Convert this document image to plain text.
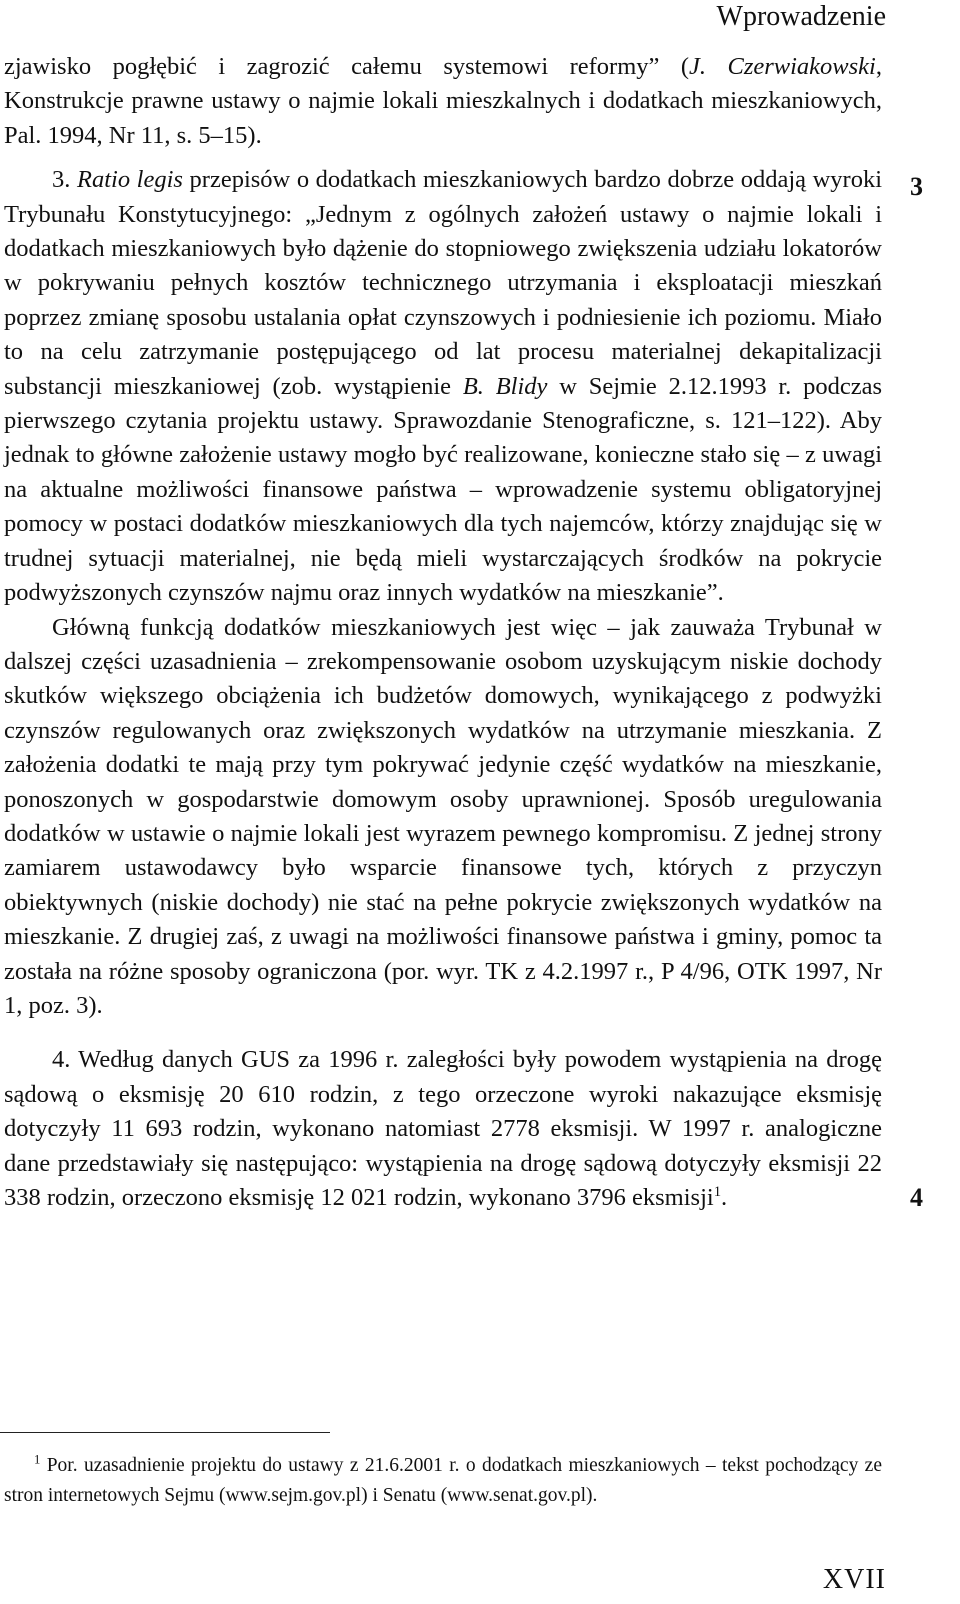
Wprowadzenie

zjawisko pogłębić i zagrozić całemu systemowi reformy” (J. Czerwiakowski, Konstrukcje prawne ustawy o najmie lokali mieszkalnych i dodatkach mieszkaniowych, Pal. 1994, Nr 11, s. 5–15).

3. Ratio legis przepisów o dodatkach mieszkaniowych bardzo dobrze oddają wyroki Trybunału Konstytucyjnego: „Jednym z ogólnych założeń ustawy o najmie lokali i dodatkach mieszkaniowych było dążenie do stopniowego zwiększenia udziału lokatorów w pokrywaniu pełnych kosztów technicznego utrzymania i eksploatacji mieszkań poprzez zmianę sposobu ustalania opłat czynszowych i podniesienie ich poziomu. Miało to na celu zatrzymanie postępującego od lat procesu materialnej dekapitalizacji substancji mieszkaniowej (zob. wystąpienie B. Blidy w Sejmie 2.12.1993 r. podczas pierwszego czytania projektu ustawy. Sprawozdanie Stenograficzne, s. 121–122). Aby jednak to główne założenie ustawy mogło być realizowane, konieczne stało się – z uwagi na aktualne możliwości finansowe państwa – wprowadzenie systemu obligatoryjnej pomocy w postaci dodatków mieszkaniowych dla tych najemców, którzy znajdując się w trudnej sytuacji materialnej, nie będą mieli wystarczających środków na pokrycie podwyższonych czynszów najmu oraz innych wydatków na mieszkanie”.

Główną funkcją dodatków mieszkaniowych jest więc – jak zauważa Trybunał w dalszej części uzasadnienia – zrekompensowanie osobom uzyskującym niskie dochody skutków większego obciążenia ich budżetów domowych, wynikającego z podwyżki czynszów regulowanych oraz zwiększonych wydatków na utrzymanie mieszkania. Z założenia dodatki te mają przy tym pokrywać jedynie część wydatków na mieszkanie, ponoszonych w gospodarstwie domowym osoby uprawnionej. Sposób uregulowania dodatków w ustawie o najmie lokali jest wyrazem pewnego kompromisu. Z jednej strony zamiarem ustawodawcy było wsparcie finansowe tych, których z przyczyn obiektywnych (niskie dochody) nie stać na pełne pokrycie zwiększonych wydatków na mieszkanie. Z drugiej zaś, z uwagi na możliwości finansowe państwa i gminy, pomoc ta została na różne sposoby ograniczona (por. wyr. TK z 4.2.1997 r., P 4/96, OTK 1997, Nr 1, poz. 3).

4. Według danych GUS za 1996 r. zaległości były powodem wystąpienia na drogę sądową o eksmisję 20 610 rodzin, z tego orzeczone wyroki nakazujące eksmisję dotyczyły 11 693 rodzin, wykonano natomiast 2778 eksmisji. W 1997 r. analogiczne dane przedstawiały się następująco: wystąpienia na drogę sądową dotyczyły eksmisji 22 338 rodzin, orzeczono eksmisję 12 021 rodzin, wykonano 3796 eksmisji$^1$.

3
4

$^1$ Por. uzasadnienie projektu do ustawy z 21.6.2001 r. o dodatkach mieszkaniowych – tekst pochodzący ze stron internetowych Sejmu (www.sejm.gov.pl) i Senatu (www.senat.gov.pl).

XVII
